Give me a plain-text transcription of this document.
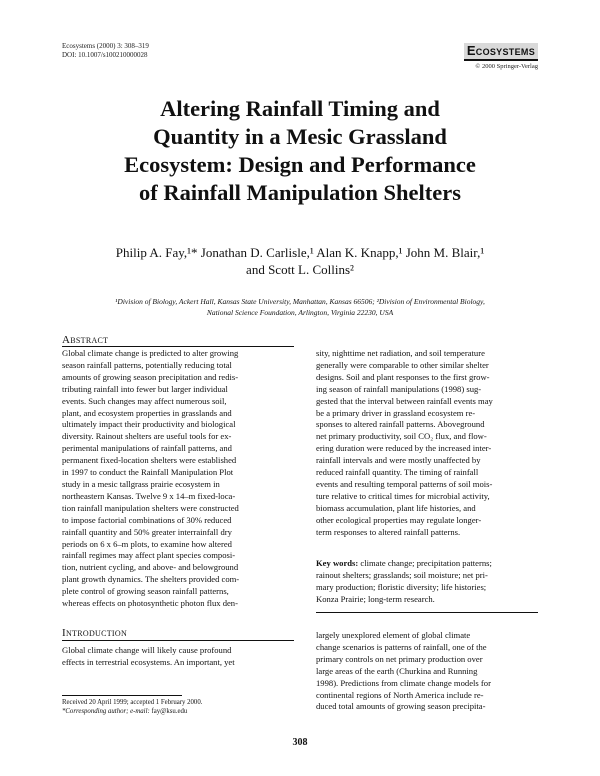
Ecosystems (2000) 3: 308–319
DOI: 10.1007/s100210000028	Ecosystems
© 2000 Springer-Verlag
Altering Rainfall Timing and
Quantity in a Mesic Grassland
Ecosystem: Design and Performance
of Rainfall Manipulation Shelters
Philip A. Fay,¹* Jonathan D. Carlisle,¹ Alan K. Knapp,¹ John M. Blair,¹
and Scott L. Collins²
¹Division of Biology, Ackert Hall, Kansas State University, Manhattan, Kansas 66506; ²Division of Environmental Biology,
National Science Foundation, Arlington, Virginia 22230, USA
Abstract

Global climate change is predicted to alter growing

season rainfall patterns, potentially reducing total

amounts of growing season precipitation and redis-

tributing rainfall into fewer but larger individual

events. Such changes may affect numerous soil,

plant, and ecosystem properties in grasslands and

ultimately impact their productivity and biological

diversity. Rainout shelters are useful tools for ex-

perimental manipulations of rainfall patterns, and

permanent fixed-location shelters were established

in 1997 to conduct the Rainfall Manipulation Plot

study in a mesic tallgrass prairie ecosystem in

northeastern Kansas. Twelve 9 x 14–m fixed-loca-

tion rainfall manipulation shelters were constructed

to impose factorial combinations of 30% reduced

rainfall quantity and 50% greater interrainfall dry

periods on 6 x 6–m plots, to examine how altered

rainfall regimes may affect plant species composi-

tion, nutrient cycling, and above- and belowground

plant growth dynamics. The shelters provided com-

plete control of growing season rainfall patterns,

whereas effects on photosynthetic photon flux den-

sity, nighttime net radiation, and soil temperature

generally were comparable to other similar shelter

designs. Soil and plant responses to the first grow-

ing season of rainfall manipulations (1998) sug-

gested that the interval between rainfall events may

be a primary driver in grassland ecosystem re-

sponses to altered rainfall patterns. Aboveground

net primary productivity, soil CO₂ flux, and flow-

ering duration were reduced by the increased inter-

rainfall intervals and were mostly unaffected by

reduced rainfall quantity. The timing of rainfall

events and resulting temporal patterns of soil mois-

ture relative to critical times for microbial activity,

biomass accumulation, plant life histories, and

other ecological properties may regulate longer-

term responses to altered rainfall patterns.

Key words: climate change; precipitation patterns;

rainout shelters; grasslands; soil moisture; net pri-

mary production; floristic diversity; life histories;

Konza Prairie; long-term research.

Introduction

Global climate change will likely cause profound

effects in terrestrial ecosystems. An important, yet

largely unexplored element of global climate

change scenarios is patterns of rainfall, one of the

primary controls on net primary production over

large areas of the earth (Churkina and Running

1998). Predictions from climate change models for

continental regions of North America include re-

duced total amounts of growing season precipita-

Received 20 April 1999; accepted 1 February 2000.
*Corresponding author; e-mail: fay@ksu.edu
308
